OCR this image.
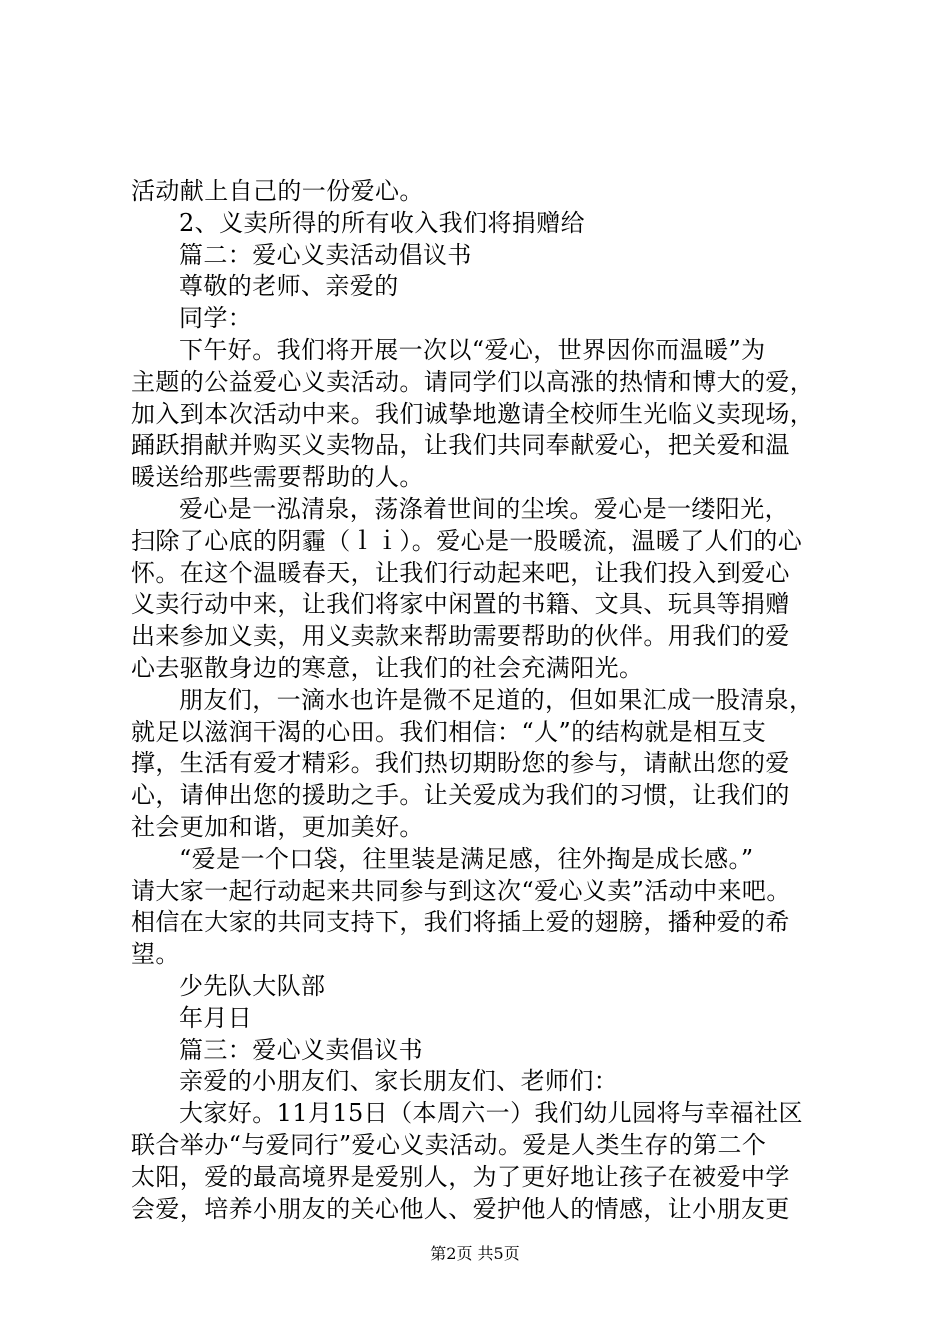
活动献上自己的一份爱心。
2、义卖所得的所有收入我们将捐赠给
篇二：爱心义卖活动倡议书
尊敬的老师、亲爱的
同学：
下午好。我们将开展一次以“爱心，世界因你而温暖”为
主题的公益爱心义卖活动。请同学们以高涨的热情和博大的爱，
加入到本次活动中来。我们诚挚地邀请全校师生光临义卖现场，
踊跃捐献并购买义卖物品，让我们共同奉献爱心，把关爱和温
暖送给那些需要帮助的人。
爱心是一泓清泉，荡涤着世间的尘埃。爱心是一缕阳光，
扫除了心底的阴霾（ｌｉ）。爱心是一股暖流，温暖了人们的心
怀。在这个温暖春天，让我们行动起来吧，让我们投入到爱心
义卖行动中来，让我们将家中闲置的书籍、文具、玩具等捐赠
出来参加义卖，用义卖款来帮助需要帮助的伙伴。用我们的爱
心去驱散身边的寒意，让我们的社会充满阳光。
朋友们，一滴水也许是微不足道的，但如果汇成一股清泉，
就足以滋润干渴的心田。我们相信：“人”的结构就是相互支
撑，生活有爱才精彩。我们热切期盼您的参与，请献出您的爱
心，请伸出您的援助之手。让关爱成为我们的习惯，让我们的
社会更加和谐，更加美好。
“爱是一个口袋，往里装是满足感，往外掏是成长感。”
请大家一起行动起来共同参与到这次“爱心义卖”活动中来吧。
相信在大家的共同支持下，我们将插上爱的翅膀，播种爱的希
望。
少先队大队部
年月日
篇三：爱心义卖倡议书
亲爱的小朋友们、家长朋友们、老师们：
大家好。11月15日（本周六一）我们幼儿园将与幸福社区
联合举办“与爱同行”爱心义卖活动。爱是人类生存的第二个
太阳，爱的最高境界是爱别人，为了更好地让孩子在被爱中学
会爱，培养小朋友的关心他人、爱护他人的情感，让小朋友更
第2页 共5页
